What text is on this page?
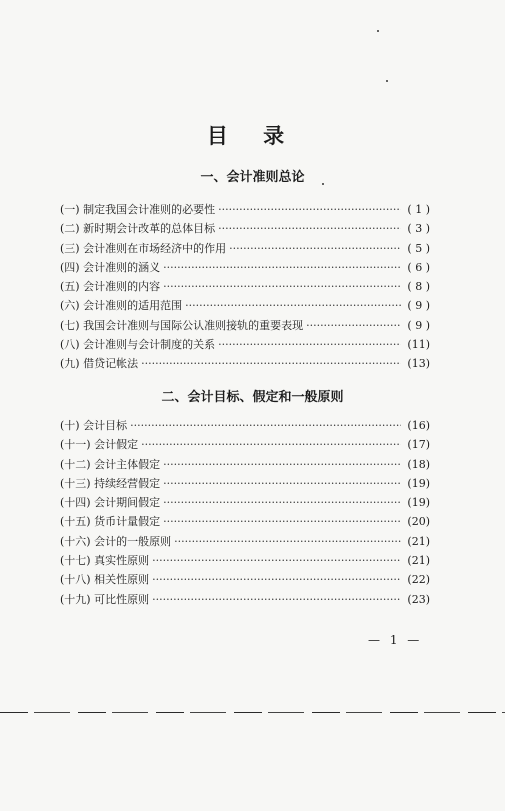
目 录
一、会计准则总论
(一) 制定我国会计准则的必要性 ·····	( 1 )
(二) 新时期会计改革的总体目标 ·····	( 3 )
(三) 会计准则在市场经济中的作用 ·····	( 5 )
(四) 会计准则的涵义 ·····	( 6 )
(五) 会计准则的内容 ·····	( 8 )
(六) 会计准则的适用范围 ·····	( 9 )
(七) 我国会计准则与国际公认准则接轨的重要表现 ·····	( 9 )
(八) 会计准则与会计制度的关系 ·····	(11)
(九) 借贷记帐法 ·····	(13)
二、会计目标、假定和一般原则
(十) 会计目标 ·····	(16)
(十一) 会计假定 ·····	(17)
(十二) 会计主体假定 ·····	(18)
(十三) 持续经营假定 ·····	(19)
(十四) 会计期间假定 ·····	(19)
(十五) 货币计量假定 ·····	(20)
(十六) 会计的一般原则 ·····	(21)
(十七) 真实性原则 ·····	(21)
(十八) 相关性原则 ·····	(22)
(十九) 可比性原则 ·····	(23)
— 1 —
